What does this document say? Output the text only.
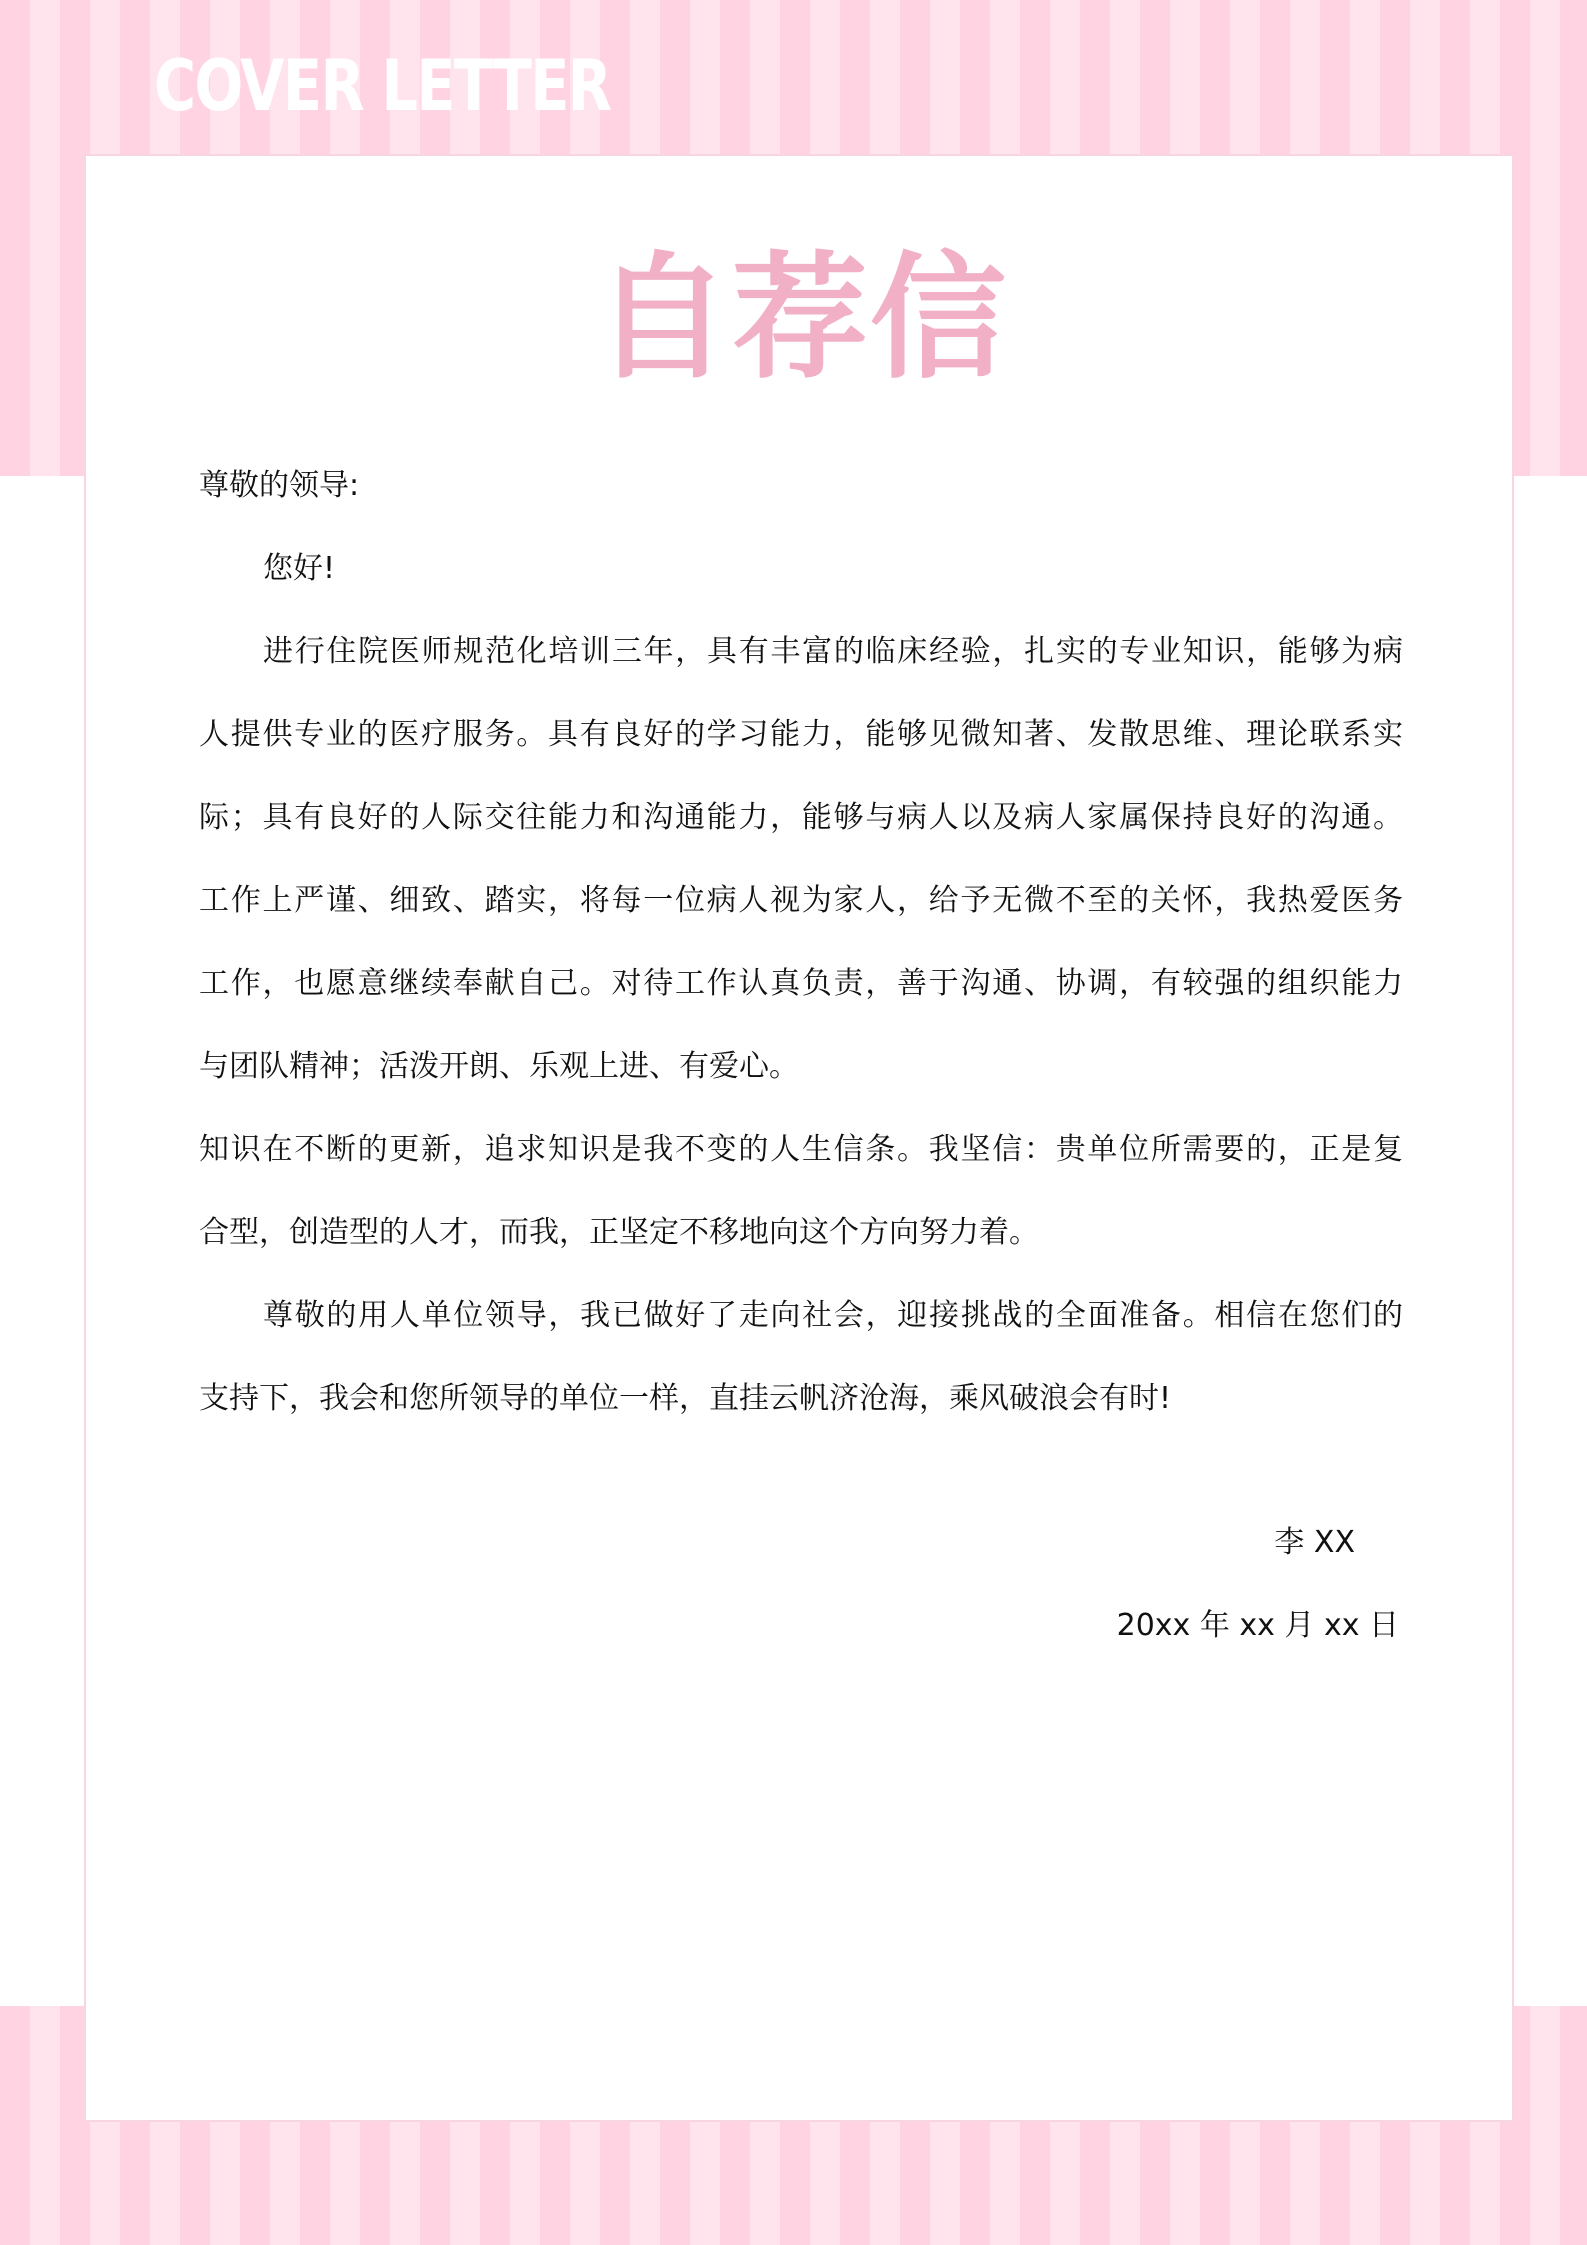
COVER LETTER
自荐信
尊敬的领导:
您好!
进行住院医师规范化培训三年，具有丰富的临床经验，扎实的专业知识，能够为病
人提供专业的医疗服务。具有良好的学习能力，能够见微知著、发散思维、理论联系实
际；具有良好的人际交往能力和沟通能力，能够与病人以及病人家属保持良好的沟通。
工作上严谨、细致、踏实，将每一位病人视为家人，给予无微不至的关怀，我热爱医务
工作，也愿意继续奉献自己。对待工作认真负责，善于沟通、协调，有较强的组织能力
与团队精神；活泼开朗、乐观上进、有爱心。
知识在不断的更新，追求知识是我不变的人生信条。我坚信：贵单位所需要的，正是复
合型，创造型的人才，而我，正坚定不移地向这个方向努力着。
尊敬的用人单位领导，我已做好了走向社会，迎接挑战的全面准备。相信在您们的
支持下，我会和您所领导的单位一样，直挂云帆济沧海，乘风破浪会有时!
李 XX
20xx 年 xx 月 xx 日
